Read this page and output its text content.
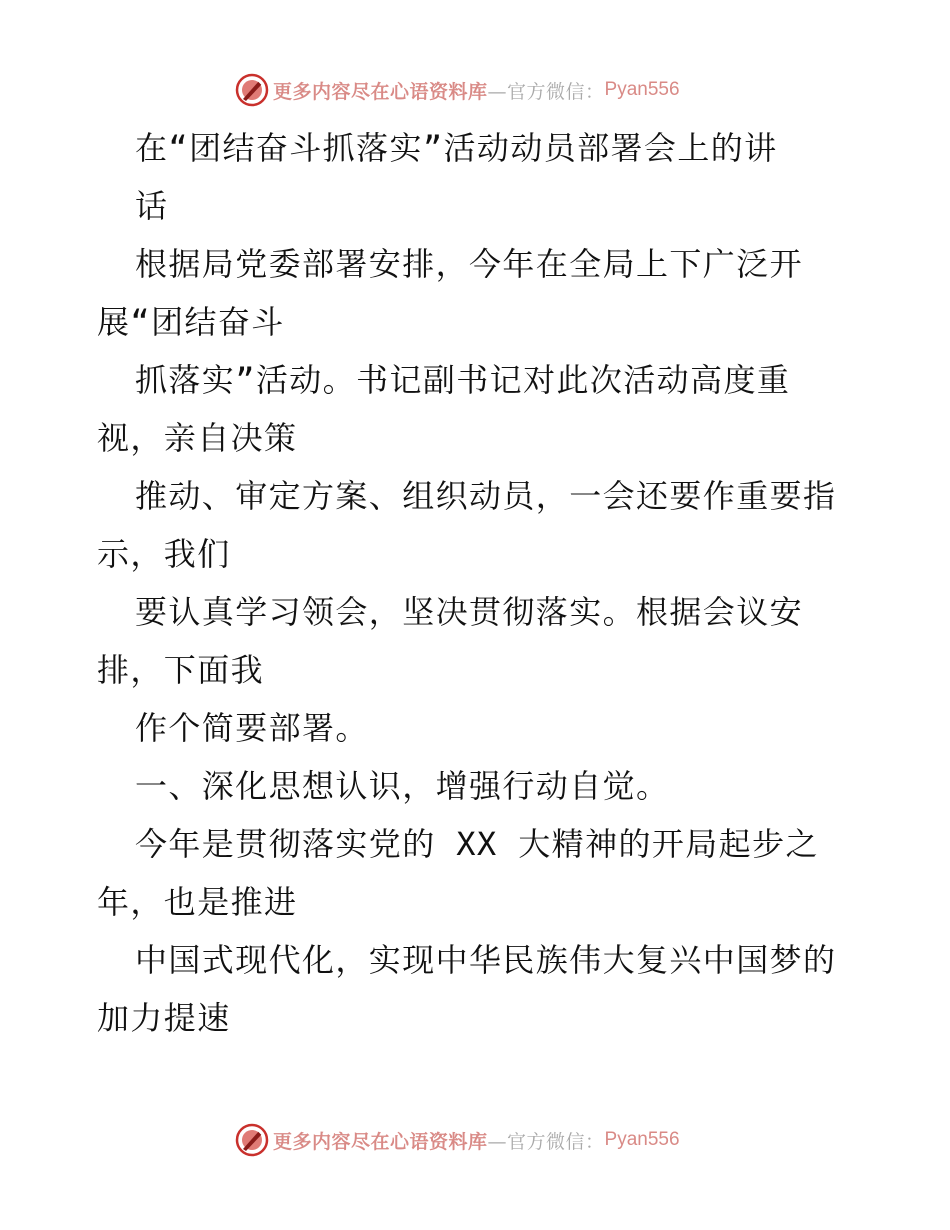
更多内容尽在心语资料库 —官方微信： Pyan556
在“团结奋斗抓落实”活动动员部署会上的讲
话
根据局党委部署安排，今年在全局上下广泛开
展“团结奋斗
抓落实”活动。书记副书记对此次活动高度重
视，亲自决策
推动、审定方案、组织动员，一会还要作重要指
示，我们
要认真学习领会，坚决贯彻落实。根据会议安
排，下面我
作个简要部署。
一、深化思想认识，增强行动自觉。
今年是贯彻落实党的 XX 大精神的开局起步之
年，也是推进
中国式现代化，实现中华民族伟大复兴中国梦的
加力提速
更多内容尽在心语资料库 —官方微信： Pyan556
